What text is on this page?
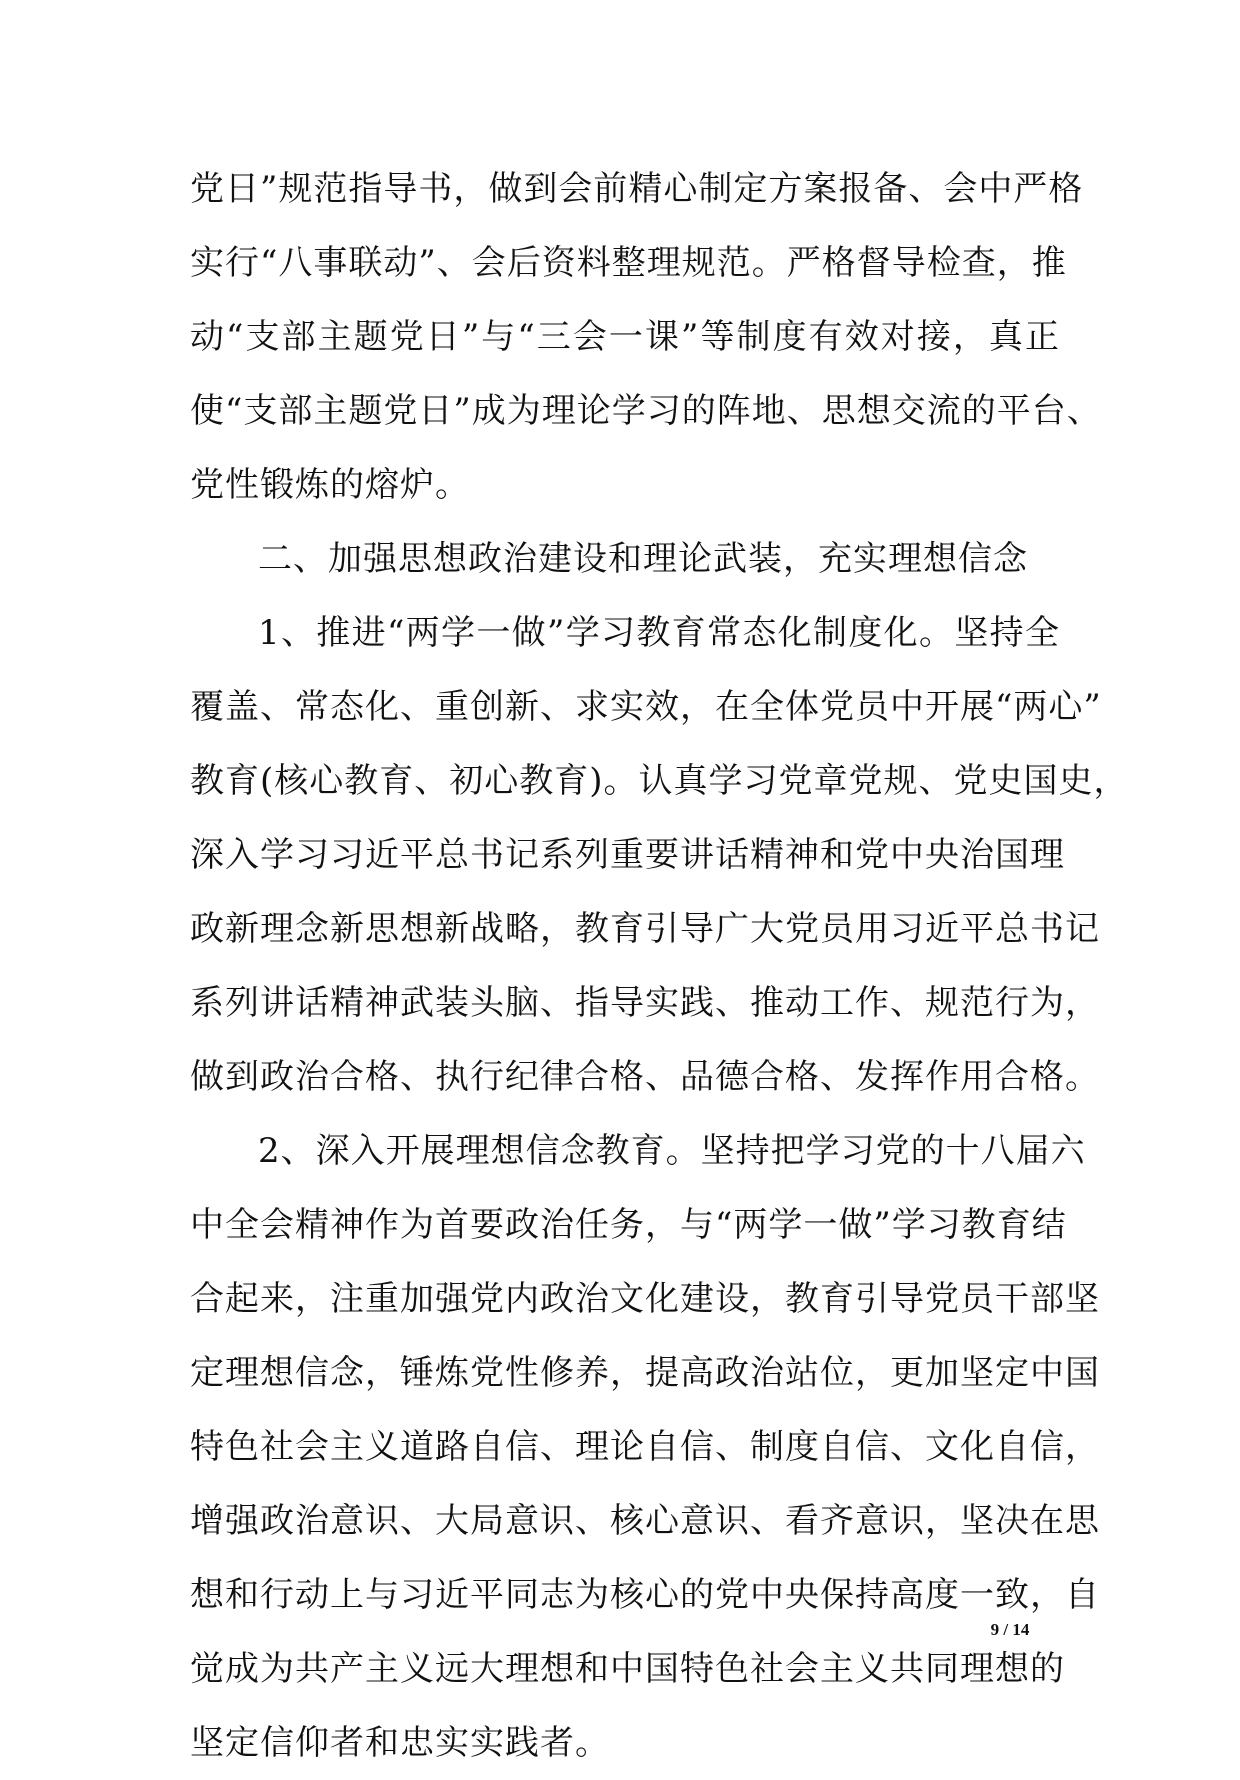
党日”规范指导书，做到会前精心制定方案报备、会中严格
实行“八事联动”、会后资料整理规范。严格督导检查，推
动“支部主题党日”与“三会一课”等制度有效对接，真正
使“支部主题党日”成为理论学习的阵地、思想交流的平台、
党性锻炼的熔炉。
二、加强思想政治建设和理论武装，充实理想信念
1、推进“两学一做”学习教育常态化制度化。坚持全
覆盖、常态化、重创新、求实效，在全体党员中开展“两心”
教育(核心教育、初心教育)。认真学习党章党规、党史国史，
深入学习习近平总书记系列重要讲话精神和党中央治国理
政新理念新思想新战略，教育引导广大党员用习近平总书记
系列讲话精神武装头脑、指导实践、推动工作、规范行为，
做到政治合格、执行纪律合格、品德合格、发挥作用合格。
2、深入开展理想信念教育。坚持把学习党的十八届六
中全会精神作为首要政治任务，与“两学一做”学习教育结
合起来，注重加强党内政治文化建设，教育引导党员干部坚
定理想信念，锤炼党性修养，提高政治站位，更加坚定中国
特色社会主义道路自信、理论自信、制度自信、文化自信，
增强政治意识、大局意识、核心意识、看齐意识，坚决在思
想和行动上与习近平同志为核心的党中央保持高度一致，自
觉成为共产主义远大理想和中国特色社会主义共同理想的
坚定信仰者和忠实实践者。
9 / 14
